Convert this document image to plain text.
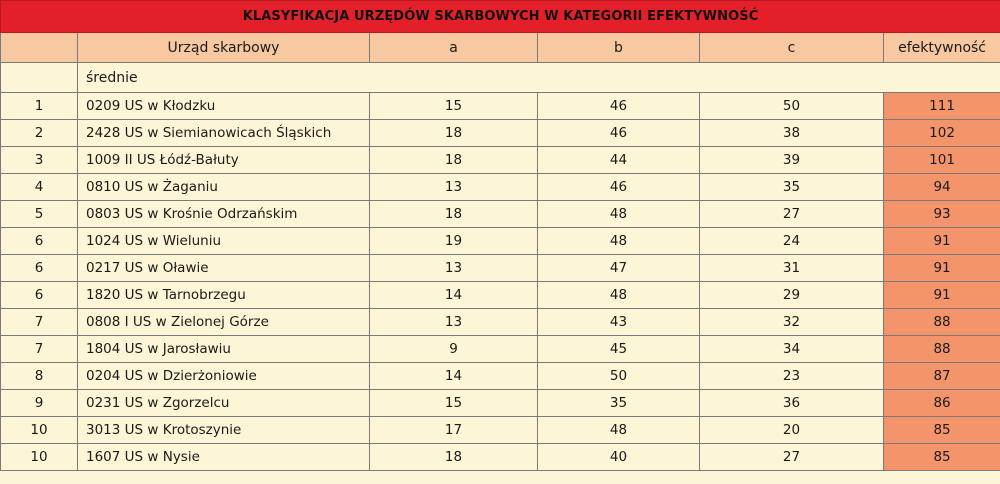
KLASYFIKACJA URZĘDÓW SKARBOWYCH W KATEGORII EFEKTYWNOŚĆ					
	Urząd skarbowy	a	b	c	efektywność
	średnie				
1	0209 US w Kłodzku	15	46	50	111
2	2428 US w Siemianowicach Śląskich	18	46	38	102
3	1009 II US Łódź-Bałuty	18	44	39	101
4	0810 US w Żaganiu	13	46	35	94
5	0803 US w Krośnie Odrzańskim	18	48	27	93
6	1024 US w Wieluniu	19	48	24	91
6	0217 US w Oławie	13	47	31	91
6	1820 US w Tarnobrzegu	14	48	29	91
7	0808 I US w Zielonej Górze	13	43	32	88
7	1804 US w Jarosławiu	9	45	34	88
8	0204 US w Dzierżoniowie	14	50	23	87
9	0231 US w Zgorzelcu	15	35	36	86
10	3013 US w Krotoszynie	17	48	20	85
10	1607 US w Nysie	18	40	27	85
